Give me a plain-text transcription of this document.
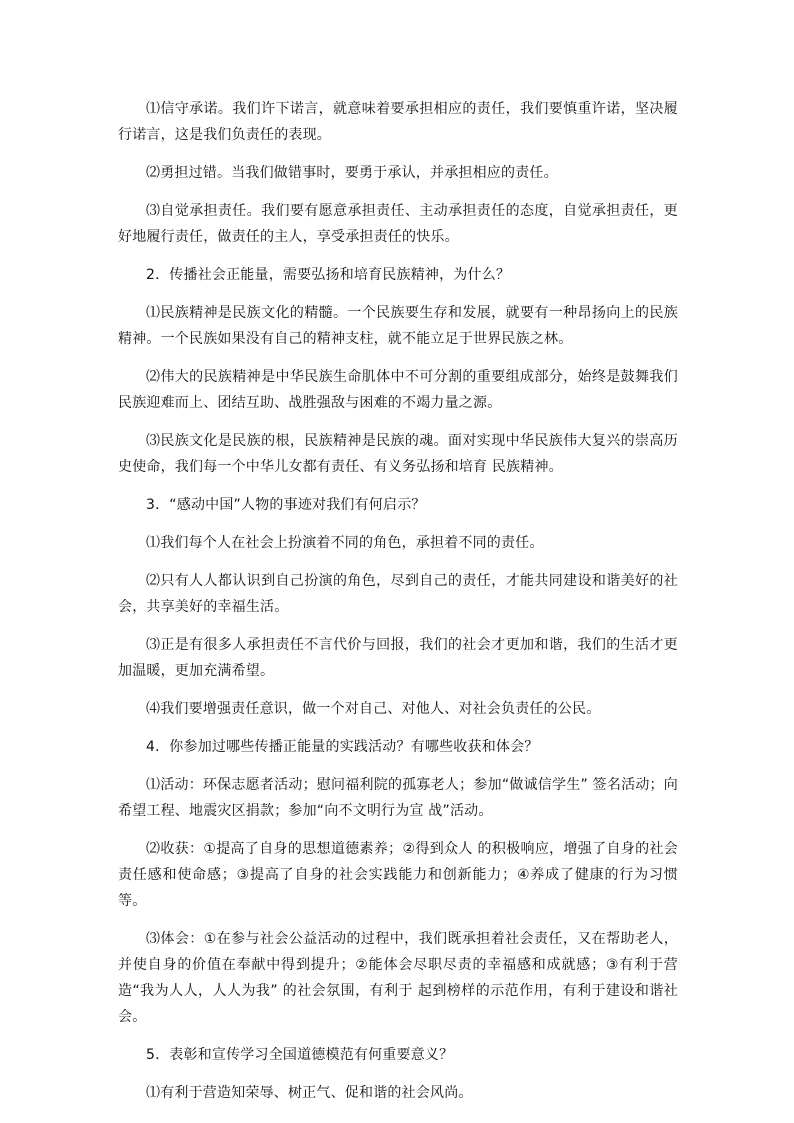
⑴信守承诺。我们许下诺言，就意味着要承担相应的责任，我们要慎重许诺，坚决履行诺言，这是我们负责任的表现。

⑵勇担过错。当我们做错事时，要勇于承认，并承担相应的责任。

⑶自觉承担责任。我们要有愿意承担责任、主动承担责任的态度，自觉承担责任，更好地履行责任，做责任的主人，享受承担责任的快乐。

2．传播社会正能量，需要弘扬和培育民族精神，为什么？

⑴民族精神是民族文化的精髓。一个民族要生存和发展，就要有一种昂扬向上的民族精神。一个民族如果没有自己的精神支柱，就不能立足于世界民族之林。

⑵伟大的民族精神是中华民族生命肌体中不可分割的重要组成部分，始终是鼓舞我们民族迎难而上、团结互助、战胜强敌与困难的不竭力量之源。

⑶民族文化是民族的根，民族精神是民族的魂。面对实现中华民族伟大复兴的崇高历史使命，我们每一个中华儿女都有责任、有义务弘扬和培育 民族精神。

3．“感动中国”人物的事迹对我们有何启示？

⑴我们每个人在社会上扮演着不同的角色，承担着不同的责任。

⑵只有人人都认识到自己扮演的角色，尽到自己的责任，才能共同建设和谐美好的社会，共享美好的幸福生活。

⑶正是有很多人承担责任不言代价与回报，我们的社会才更加和谐，我们的生活才更加温暖，更加充满希望。

⑷我们要增强责任意识，做一个对自己、对他人、对社会负责任的公民。

4．你参加过哪些传播正能量的实践活动？有哪些收获和体会？

⑴活动：环保志愿者活动；慰问福利院的孤寡老人；参加“做诚信学生” 签名活动；向希望工程、地震灾区捐款；参加“向不文明行为宣 战”活动。

⑵收获：①提高了自身的思想道德素养；②得到众人 的积极响应，增强了自身的社会责任感和使命感；③提高了自身的社会实践能力和创新能力；④养成了健康的行为习惯等。

⑶体会：①在参与社会公益活动的过程中，我们既承担着社会责任，又在帮助老人，并使自身的价值在奉献中得到提升；②能体会尽职尽责的幸福感和成就感；③有利于营造“我为人人，人人为我” 的社会氛围，有利于 起到榜样的示范作用，有利于建设和谐社会。

5．表彰和宣传学习全国道德模范有何重要意义？

⑴有利于营造知荣辱、树正气、促和谐的社会风尚。
